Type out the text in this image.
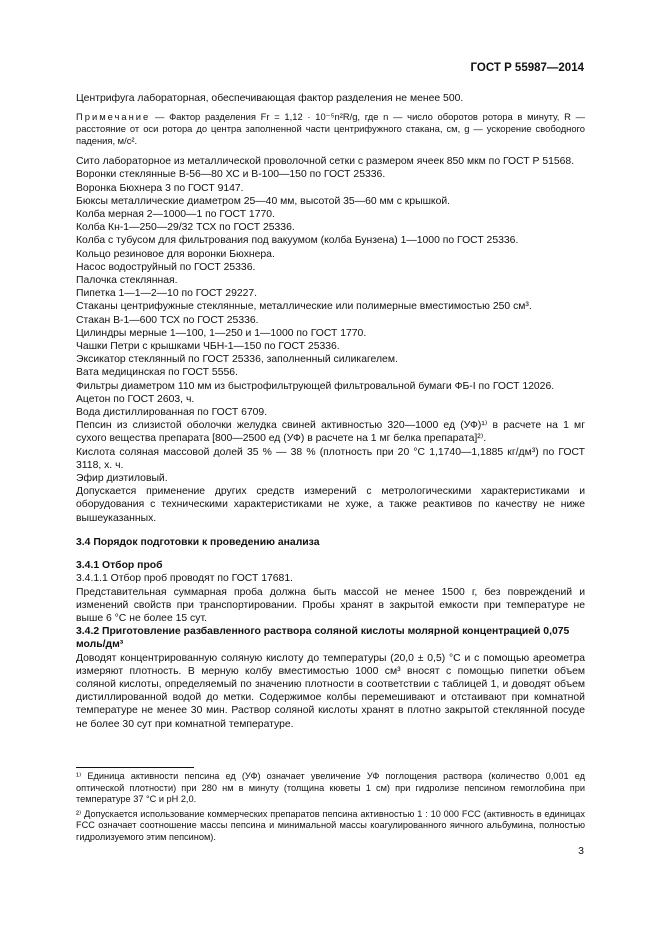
ГОСТ Р 55987—2014

Центрифуга лабораторная, обеспечивающая фактор разделения не менее 500.

Примечание — Фактор разделения Fr = 1,12 · 10⁻⁵n²R/g, где n — число оборотов ротора в минуту, R — расстояние от оси ротора до центра заполненной части центрифужного стакана, см, g — ускорение свободного падения, м/с².

Сито лабораторное из металлической проволочной сетки с размером ячеек 850 мкм по ГОСТ Р 51568.

Воронки стеклянные В-56—80 ХС и В-100—150 по ГОСТ 25336.

Воронка Бюхнера 3 по ГОСТ 9147.

Бюксы металлические диаметром 25—40 мм, высотой 35—60 мм с крышкой.

Колба мерная 2—1000—1 по ГОСТ 1770.

Колба Кн-1—250—29/32 ТСХ по ГОСТ 25336.

Колба с тубусом для фильтрования под вакуумом (колба Бунзена) 1—1000 по ГОСТ 25336.

Кольцо резиновое для воронки Бюхнера.

Насос водоструйный по ГОСТ 25336.

Палочка стеклянная.

Пипетка 1—1—2—10 по ГОСТ 29227.

Стаканы центрифужные стеклянные, металлические или полимерные вместимостью 250 см³.

Стакан В-1—600 ТСХ по ГОСТ 25336.

Цилиндры мерные 1—100, 1—250 и 1—1000 по ГОСТ 1770.

Чашки Петри с крышками ЧБН-1—150 по ГОСТ 25336.

Эксикатор стеклянный по ГОСТ 25336, заполненный силикагелем.

Вата медицинская по ГОСТ 5556.

Фильтры диаметром 110 мм из быстрофильтрующей фильтровальной бумаги ФБ-I по ГОСТ 12026.

Ацетон по ГОСТ 2603, ч.

Вода дистиллированная по ГОСТ 6709.

Пепсин из слизистой оболочки желудка свиней активностью 320—1000 ед (УФ)¹⁾ в расчете на 1 мг сухого вещества препарата [800—2500 ед (УФ) в расчете на 1 мг белка препарата]²⁾.

Кислота соляная массовой долей 35 % — 38 % (плотность при 20 °С 1,1740—1,1885 кг/дм³) по ГОСТ 3118, х. ч.

Эфир диэтиловый.

Допускается применение других средств измерений с метрологическими характеристиками и оборудования с техническими характеристиками не хуже, а также реактивов по качеству не ниже вышеуказанных.

3.4 Порядок подготовки к проведению анализа

3.4.1 Отбор проб

3.4.1.1 Отбор проб проводят по ГОСТ 17681.

Представительная суммарная проба должна быть массой не менее 1500 г, без повреждений и изменений свойств при транспортировании. Пробы хранят в закрытой емкости при температуре не выше 6 °С не более 15 сут.

3.4.2 Приготовление разбавленного раствора соляной кислоты молярной концентрацией 0,075 моль/дм³

Доводят концентрированную соляную кислоту до температуры (20,0 ± 0,5) °С и с помощью ареометра измеряют плотность. В мерную колбу вместимостью 1000 см³ вносят с помощью пипетки объем соляной кислоты, определяемый по значению плотности в соответствии с таблицей 1, и доводят объем дистиллированной водой до метки. Содержимое колбы перемешивают и отстаивают при комнатной температуре не менее 30 мин. Раствор соляной кислоты хранят в плотно закрытой стеклянной посуде не более 30 сут при комнатной температуре.

¹⁾ Единица активности пепсина ед (УФ) означает увеличение УФ поглощения раствора (количество 0,001 ед оптической плотности) при 280 нм в минуту (толщина кюветы 1 см) при гидролизе пепсином гемоглобина при температуре 37 °С и pH 2,0.

²⁾ Допускается использование коммерческих препаратов пепсина активностью 1 : 10 000 FCC (активность в единицах FCC означает соотношение массы пепсина и минимальной массы коагулированного яичного альбумина, полностью гидролизуемого этим пепсином).

3
